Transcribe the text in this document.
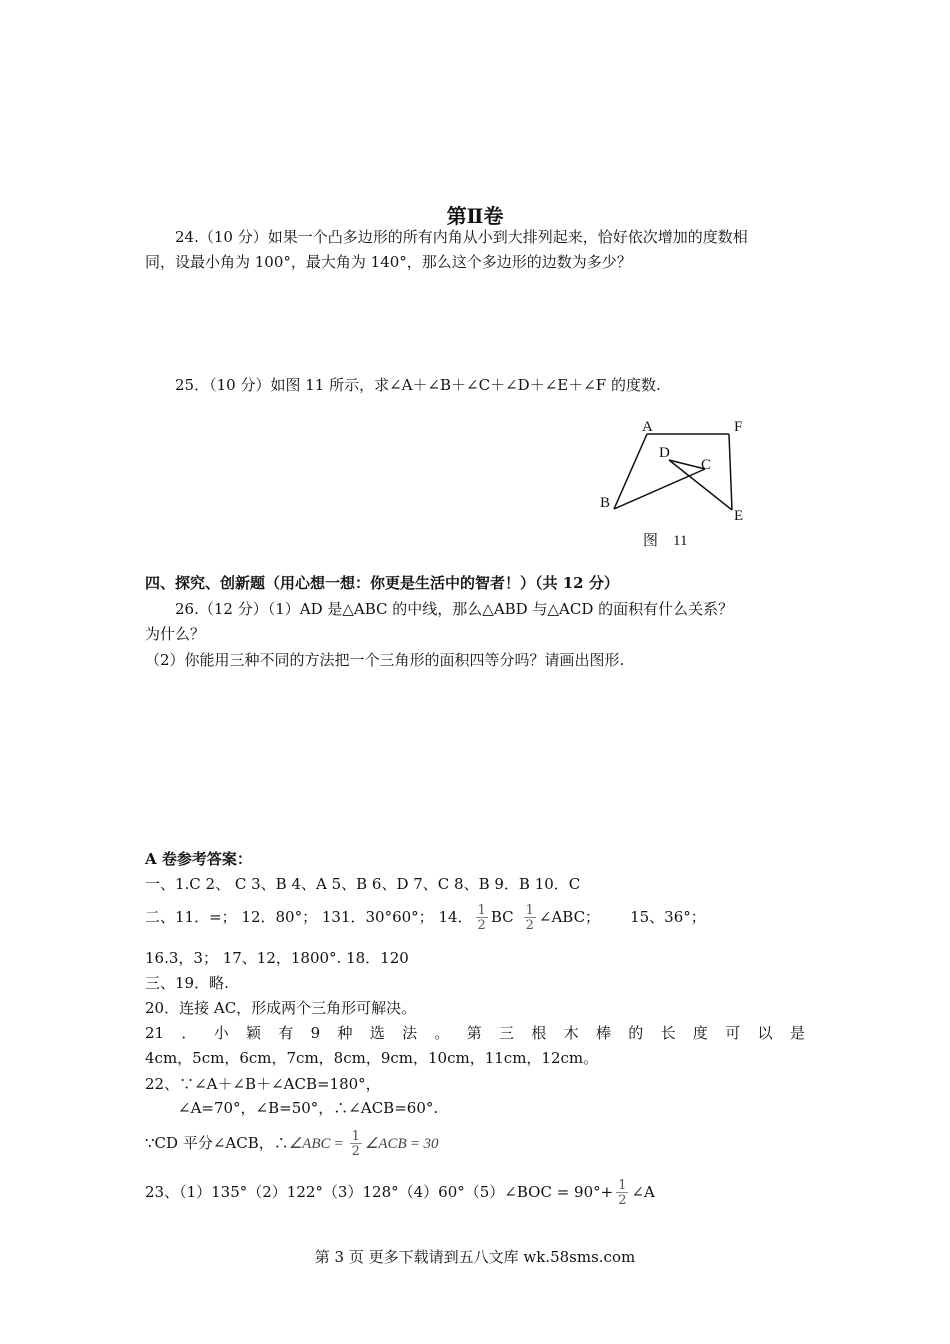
第Ⅱ卷
24.（10 分）如果一个凸多边形的所有内角从小到大排列起来，恰好依次增加的度数相
同，设最小角为 100°，最大角为 140°，那么这个多边形的边数为多少？
25．（10 分）如图 11 所示，求∠A＋∠B＋∠C＋∠D＋∠E＋∠F 的度数.
A	F
D
C
B
E
图　11
四、探究、创新题（用心想一想：你更是生活中的智者！）（共 12 分）
26.（12 分）（1）AD 是△ABC 的中线，那么△ABD 与△ACD 的面积有什么关系？
为什么？
（2）你能用三种不同的方法把一个三角形的面积四等分吗？请画出图形.
A 卷参考答案：
一、1.C 2、 C 3、B 4、A 5、B 6、D 7、C 8、B 9．B 10．C
二、11．=； 12．80°； 131．30°60°； 14． $\frac{1}{2}$ BC $\frac{1}{2}$ ∠ABC； 15、36°；
16.3，3； 17、12，1800°. 18．120
三、19．略.
20．连接 AC，形成两个三角形可解决。
21 ． 小 颖 有 9 种 选 法 。 第 三 根 木 棒 的 长 度 可 以 是
4cm，5cm，6cm，7cm，8cm，9cm，10cm，11cm，12cm。
22、∵∠A＋∠B＋∠ACB=180°，
∠A=70°，∠B=50°，∴∠ACB=60°.
∵CD 平分∠ACB，∴∠ABC = $\frac{1}{2}$ ∠ACB = 30
23、（1）135°（2）122°（3）128°（4）60°（5）∠BOC = $90^\circ+ \frac{1}{2}$ ∠A
第 3 页 更多下载请到五八文库 wk.58sms.com
